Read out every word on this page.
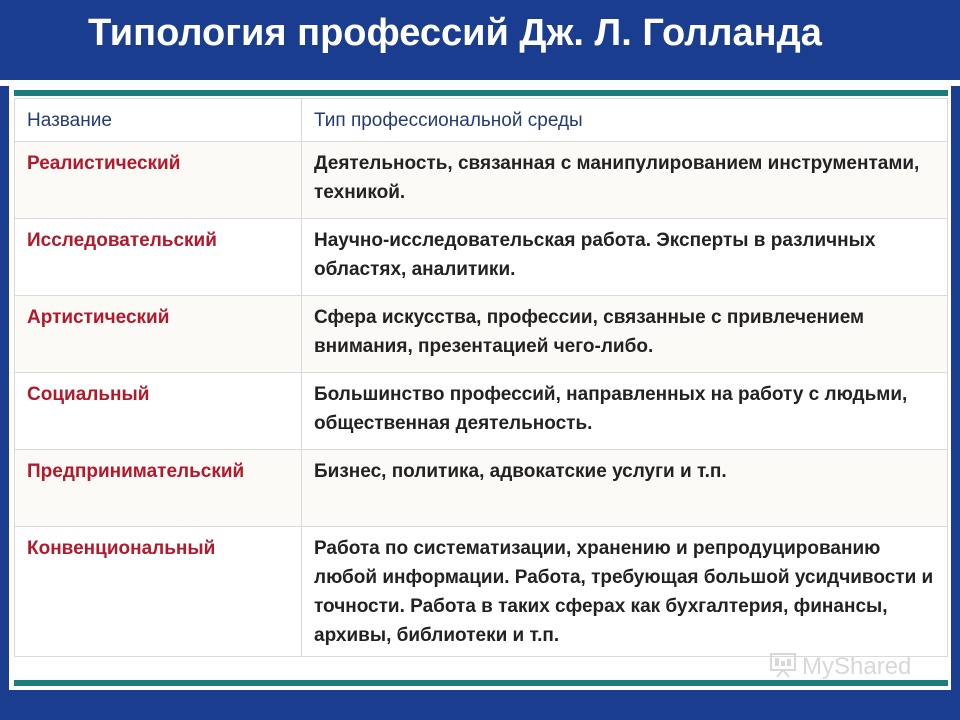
Типология профессий Дж. Л. Голланда
Название	Тип профессиональной среды
Реалистический	Деятельность, связанная с манипулированием инструментами, техникой.
Исследовательский	Научно-исследовательская работа. Эксперты в различных областях, аналитики.
Артистический	Сфера искусства, профессии, связанные с привлечением внимания, презентацией чего-либо.
Социальный	Большинство профессий, направленных на работу с людьми, общественная деятельность.
Предпринимательский	Бизнес, политика, адвокатские услуги и т.п.
Конвенциональный	Работа по систематизации, хранению и репродуцированию любой информации. Работа, требующая большой усидчивости и точности. Работа в таких сферах как бухгалтерия, финансы, архивы, библиотеки и т.п.
MyShared
